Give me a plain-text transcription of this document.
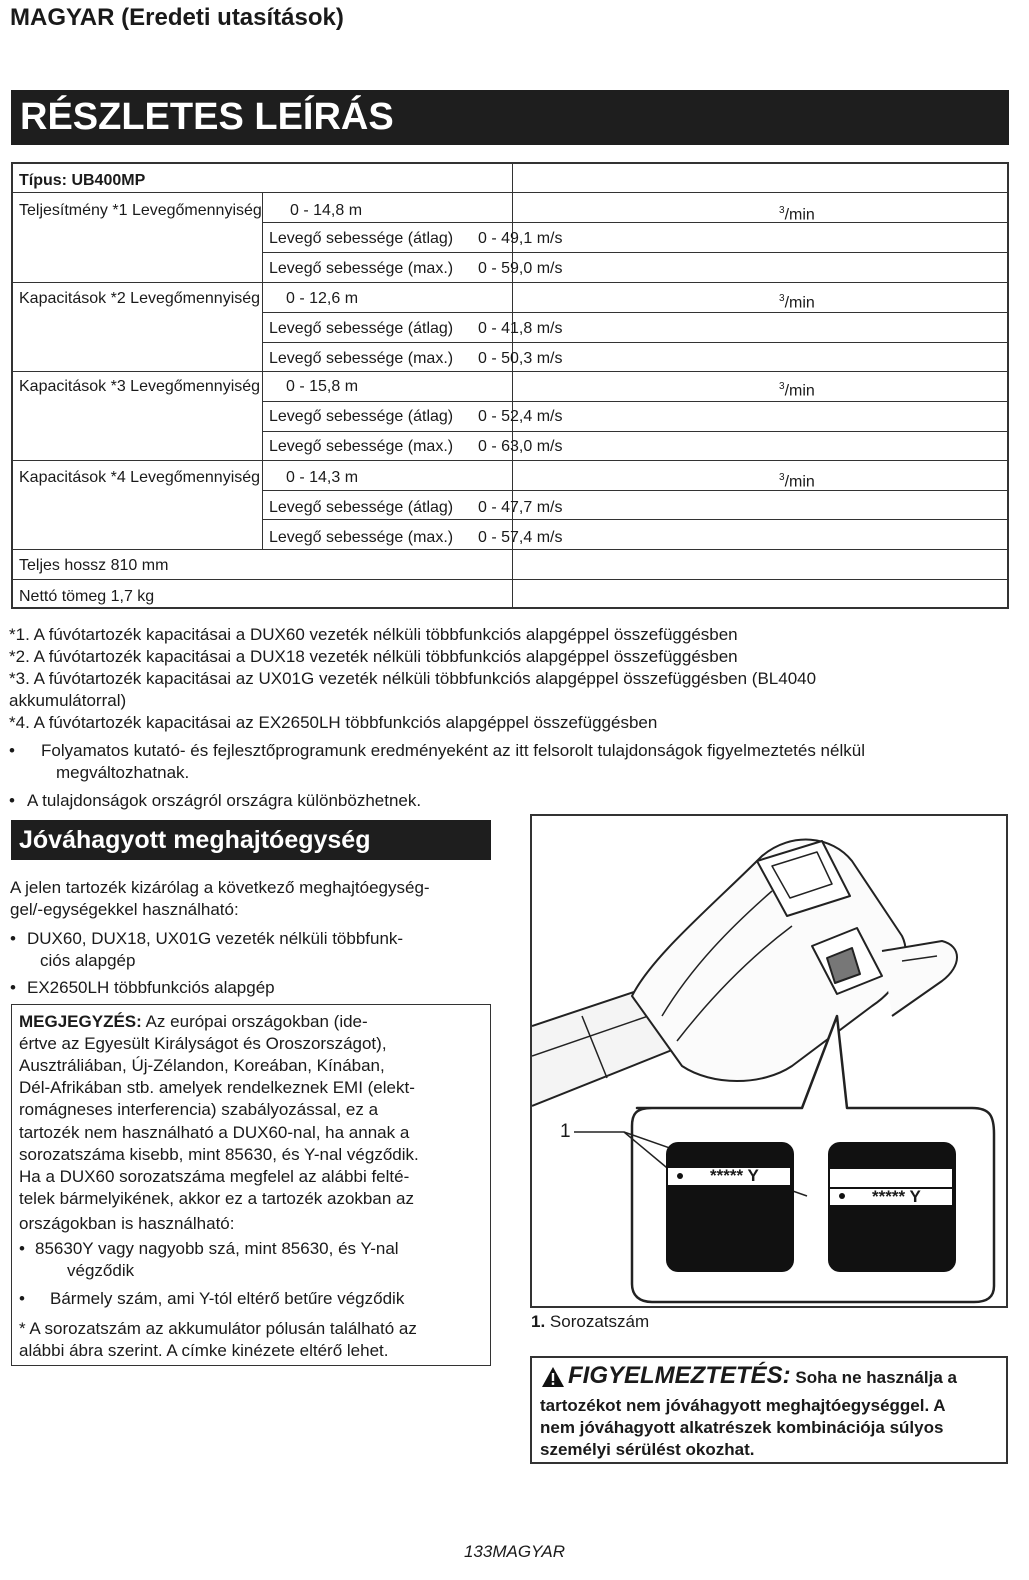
MAGYAR (Eredeti utasítások)
RÉSZLETES LEÍRÁS
Típus: UB400MP
Teljesítmény *1 Levegőmennyiség 0 - 14,8 m	$^3$/min
Levegő sebessége (átlag) 0 - 49,1 m/s
Levegő sebessége (max.) 0 - 59,0 m/s
Kapacitások *2 Levegőmennyiség 0 - 12,6 m	$^3$/min
Levegő sebessége (átlag) 0 - 41,8 m/s
Levegő sebessége (max.) 0 - 50,3 m/s
Kapacitások *3 Levegőmennyiség 0 - 15,8 m	$^3$/min
Levegő sebessége (átlag) 0 - 52,4 m/s
Levegő sebessége (max.) 0 - 63,0 m/s
Kapacitások *4 Levegőmennyiség 0 - 14,3 m	$^3$/min
Levegő sebessége (átlag) 0 - 47,7 m/s
Levegő sebessége (max.) 0 - 57,4 m/s
Teljes hossz 810 mm
Nettó tömeg 1,7 kg
*1. A fúvótartozék kapacitásai a DUX60 vezeték nélküli többfunkciós alapgéppel összefüggésben
*2. A fúvótartozék kapacitásai a DUX18 vezeték nélküli többfunkciós alapgéppel összefüggésben
*3. A fúvótartozék kapacitásai az UX01G vezeték nélküli többfunkciós alapgéppel összefüggésben (BL4040
akkumulátorral)
*4. A fúvótartozék kapacitásai az EX2650LH többfunkciós alapgéppel összefüggésben
• Folyamatos kutató- és fejlesztőprogramunk eredményeként az itt felsorolt tulajdonságok figyelmeztetés nélkül
megváltozhatnak.
• A tulajdonságok országról országra különbözhetnek.
Jóváhagyott meghajtóegység
A jelen tartozék kizárólag a következő meghajtóegység-
gel/-egységekkel használható:
• DUX60, DUX18, UX01G vezeték nélküli többfunk-
ciós alapgép
• EX2650LH többfunkciós alapgép
MEGJEGYZÉS: Az európai országokban (ide-
értve az Egyesült Királyságot és Oroszországot),
Ausztráliában, Új-Zélandon, Koreában, Kínában,
Dél-Afrikában stb. amelyek rendelkeznek EMI (elekt-
romágneses interferencia) szabályozással, ez a
tartozék nem használható a DUX60-nal, ha annak a
sorozatszáma kisebb, mint 85630, és Y-nal végződik.
Ha a DUX60 sorozatszáma megfelel az alábbi felté-
telek bármelyikének, akkor ez a tartozék azokban az
országokban is használható:
• 85630Y vagy nagyobb szá, mint 85630, és Y-nal
végződik
• Bármely szám, ami Y-tól eltérő betűre végződik
* A sorozatszám az akkumulátor pólusán található az
alábbi ábra szerint. A címke kinézete eltérő lehet.
1
***** Y
***** Y
1. Sorozatszám
FIGYELMEZTETÉS: Soha ne használja a
tartozékot nem jóváhagyott meghajtóegységgel. A
nem jóváhagyott alkatrészek kombinációja súlyos
személyi sérülést okozhat.
133MAGYAR
